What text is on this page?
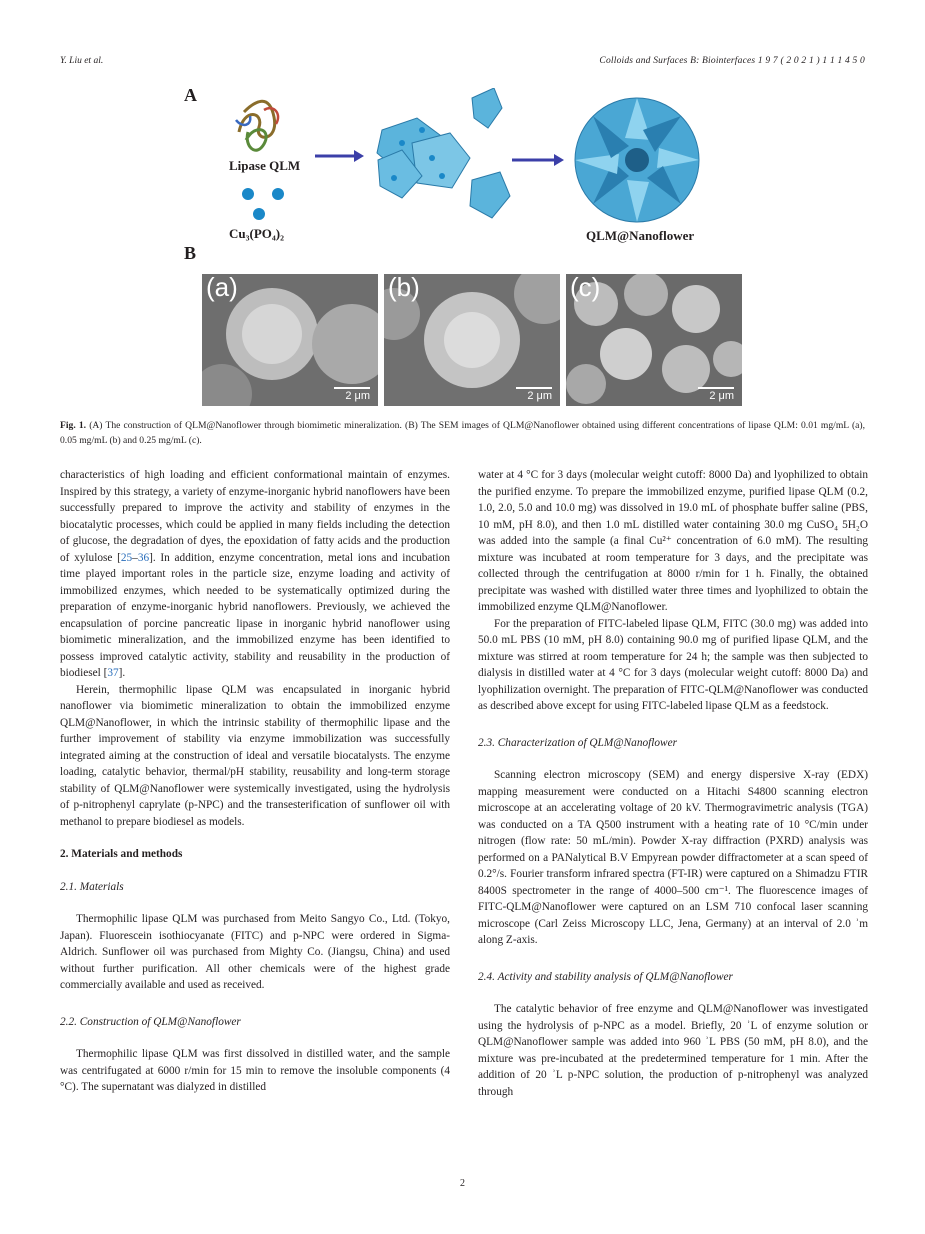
Y. Liu et al.	Colloids and Surfaces B: Biointerfaces 1 9 7 ( 2 0 2 1 ) 1 1 1 4 5 0
A
B
Lipase QLM
Cu₃(PO₄)₂	QLM@Nanoflower
(a)
2 μm
(b)
2 μm
(c)
2 μm
Fig. 1. (A) The construction of QLM@Nanoflower through biomimetic mineralization. (B) The SEM images of QLM@Nanoflower obtained using different concentrations of lipase QLM: 0.01 mg/mL (a), 0.05 mg/mL (b) and 0.25 mg/mL (c).

characteristics of high loading and efficient conformational maintain of enzymes. Inspired by this strategy, a variety of enzyme-inorganic hybrid nanoflowers have been successfully prepared to improve the activity and stability of enzymes in the biocatalytic processes, which could be applied in many fields including the detection of glucose, the degradation of dyes, the epoxidation of fatty acids and the production of xylulose [25–36]. In addition, enzyme concentration, metal ions and incubation time played important roles in the particle size, enzyme loading and activity of immobilized enzymes, which needed to be systematically optimized during the preparation of enzyme-inorganic hybrid nanoflowers. Previously, we achieved the encapsulation of porcine pancreatic lipase in inorganic hybrid nanoflower using biomimetic mineralization, and the immobilized enzyme has been identified to possess improved catalytic activity, stability and reusability in the production of biodiesel [37].

Herein, thermophilic lipase QLM was encapsulated in inorganic hybrid nanoflower via biomimetic mineralization to obtain the immobilized enzyme QLM@Nanoflower, in which the intrinsic stability of thermophilic lipase and the further improvement of stability via enzyme immobilization was successfully integrated aiming at the construction of ideal and versatile biocatalysts. The enzyme loading, catalytic behavior, thermal/pH stability, reusability and long-term storage stability of QLM@Nanoflower were systemically investigated, using the hydrolysis of p-nitrophenyl caprylate (p-NPC) and the transesterification of sunflower oil with methanol to prepare biodiesel as models.

2. Materials and methods
2.1. Materials

Thermophilic lipase QLM was purchased from Meito Sangyo Co., Ltd. (Tokyo, Japan). Fluorescein isothiocyanate (FITC) and p-NPC were ordered in Sigma-Aldrich. Sunflower oil was purchased from Mighty Co. (Jiangsu, China) and used without further purification. All other chemicals were of the highest grade commercially available and used as received.

2.2. Construction of QLM@Nanoflower

Thermophilic lipase QLM was first dissolved in distilled water, and the sample was centrifugated at 6000 r/min for 15 min to remove the insoluble components (4 °C). The supernatant was dialyzed in distilled

water at 4 °C for 3 days (molecular weight cutoff: 8000 Da) and lyophilized to obtain the purified enzyme. To prepare the immobilized enzyme, purified lipase QLM (0.2, 1.0, 2.0, 5.0 and 10.0 mg) was dissolved in 19.0 mL of phosphate buffer saline (PBS, 10 mM, pH 8.0), and then 1.0 mL distilled water containing 30.0 mg CuSO₄ 5H₂O was added into the sample (a final Cu²⁺ concentration of 6.0 mM). The resulting mixture was incubated at room temperature for 3 days, and the precipitate was collected through the centrifugation at 8000 r/min for 1 h. Finally, the obtained precipitate was washed with distilled water three times and lyophilized to obtain the immobilized enzyme QLM@Nanoflower.

For the preparation of FITC-labeled lipase QLM, FITC (30.0 mg) was added into 50.0 mL PBS (10 mM, pH 8.0) containing 90.0 mg of purified lipase QLM, and the mixture was stirred at room temperature for 24 h; the sample was then subjected to dialysis in distilled water at 4 °C for 3 days (molecular weight cutoff: 8000 Da) and lyophilization overnight. The preparation of FITC-QLM@Nanoflower was conducted as described above except for using FITC-labeled lipase QLM as a feedstock.

2.3. Characterization of QLM@Nanoflower

Scanning electron microscopy (SEM) and energy dispersive X-ray (EDX) mapping measurement were conducted on a Hitachi S4800 scanning electron microscope at an accelerating voltage of 20 kV. Thermogravimetric analysis (TGA) was conducted on a TA Q500 instrument with a heating rate of 10 °C/min under nitrogen (flow rate: 50 mL/min). Powder X-ray diffraction (PXRD) analysis was performed on a PANalytical B.V Empyrean powder diffractometer at a scan speed of 0.2°/s. Fourier transform infrared spectra (FT-IR) were captured on a Shimadzu FTIR 8400S spectrometer in the range of 4000–500 cm⁻¹. The fluorescence images of FITC-QLM@Nanoflower were captured on an LSM 710 confocal laser scanning microscope (Carl Zeiss Microscopy LLC, Jena, Germany) at an interval of 2.0 ʾm along Z-axis.

2.4. Activity and stability analysis of QLM@Nanoflower

The catalytic behavior of free enzyme and QLM@Nanoflower was investigated using the hydrolysis of p-NPC as a model. Briefly, 20 ʾL of enzyme solution or QLM@Nanoflower sample was added into 960 ʾL PBS (50 mM, pH 8.0), and the mixture was pre-incubated at the predetermined temperature for 1 min. After the addition of 20 ʾL p-NPC solution, the production of p-nitrophenyl was analyzed through

2
